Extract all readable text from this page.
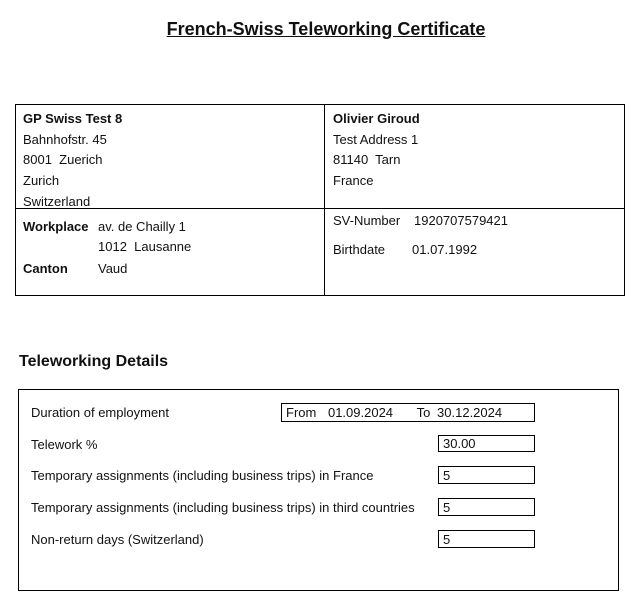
French-Swiss Teleworking Certificate
GP Swiss Test 8
Bahnhofstr. 45
8001  Zuerich
Zurich
Switzerland
Workplace av. de Chailly 1
1012  Lausanne
Canton Vaud
Olivier Giroud
Test Address 1
81140  Tarn
France
SV-Number 1920707579421
Birthdate 01.07.1992
Teleworking Details
Duration of employment	From 01.09.2024 To 30.12.2024
Telework %	30.00
Temporary assignments (including business trips) in France	5
Temporary assignments (including business trips) in third countries	5
Non-return days (Switzerland)	5
